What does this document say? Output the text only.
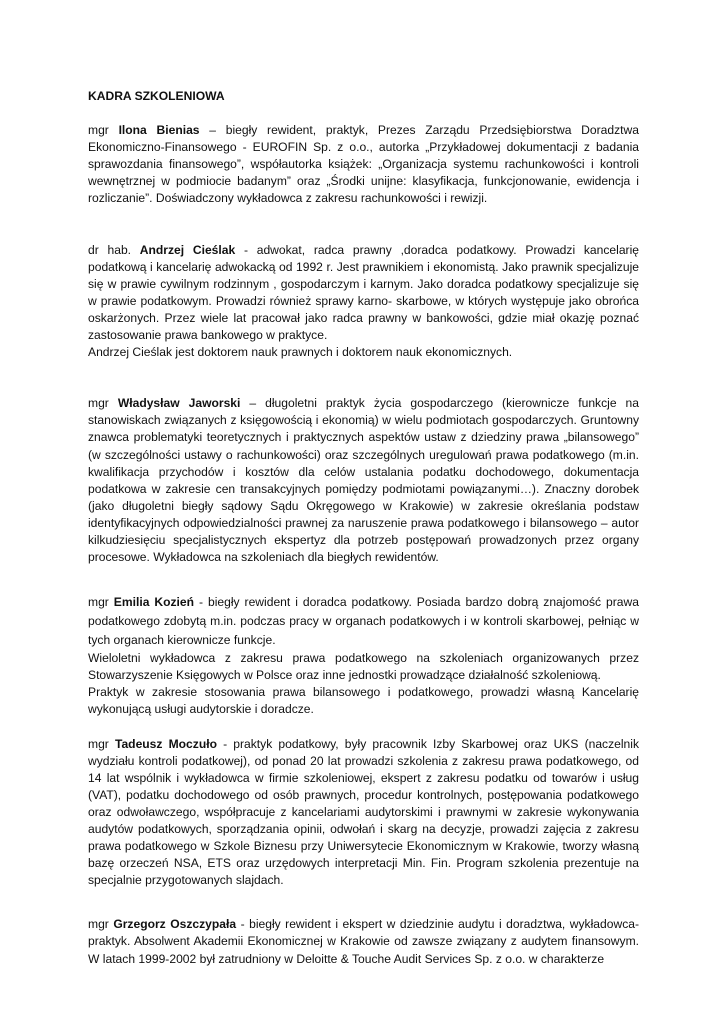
KADRA SZKOLENIOWA

mgr Ilona Bienias – biegły rewident, praktyk, Prezes Zarządu Przedsiębiorstwa Doradztwa Ekonomiczno-Finansowego - EUROFIN Sp. z o.o., autorka „Przykładowej dokumentacji z badania sprawozdania finansowego”, współautorka książek: „Organizacja systemu rachunkowości i kontroli wewnętrznej w podmiocie badanym” oraz „Środki unijne: klasyfikacja, funkcjonowanie, ewidencja i rozliczanie”. Doświadczony wykładowca z zakresu rachunkowości i rewizji.

dr hab. Andrzej Cieślak - adwokat, radca prawny ,doradca podatkowy. Prowadzi kancelarię podatkową i kancelarię adwokacką od 1992 r. Jest prawnikiem i ekonomistą. Jako prawnik specjalizuje się w prawie cywilnym rodzinnym , gospodarczym i karnym. Jako doradca podatkowy specjalizuje się w prawie podatkowym. Prowadzi również sprawy karno- skarbowe, w których występuje jako obrońca oskarżonych. Przez wiele lat pracował jako radca prawny w bankowości, gdzie miał okazję poznać zastosowanie prawa bankowego w praktyce.

Andrzej Cieślak jest doktorem nauk prawnych i doktorem nauk ekonomicznych.

mgr Władysław Jaworski – długoletni praktyk życia gospodarczego (kierownicze funkcje na stanowiskach związanych z księgowością i ekonomią) w wielu podmiotach gospodarczych. Gruntowny znawca problematyki teoretycznych i praktycznych aspektów ustaw z dziedziny prawa „bilansowego” (w szczególności ustawy o rachunkowości) oraz szczególnych uregulowań prawa podatkowego (m.in. kwalifikacja przychodów i kosztów dla celów ustalania podatku dochodowego, dokumentacja podatkowa w zakresie cen transakcyjnych pomiędzy podmiotami powiązanymi…). Znaczny dorobek (jako długoletni biegły sądowy Sądu Okręgowego w Krakowie) w zakresie określania podstaw identyfikacyjnych odpowiedzialności prawnej za naruszenie prawa podatkowego i bilansowego – autor kilkudziesięciu specjalistycznych ekspertyz dla potrzeb postępowań prowadzonych przez organy procesowe. Wykładowca na szkoleniach dla biegłych rewidentów.

mgr Emilia Kozień - biegły rewident i doradca podatkowy. Posiada bardzo dobrą znajomość prawa podatkowego zdobytą m.in. podczas pracy w organach podatkowych i w kontroli skarbowej, pełniąc w tych organach kierownicze funkcje.

Wieloletni wykładowca z zakresu prawa podatkowego na szkoleniach organizowanych przez Stowarzyszenie Księgowych w Polsce oraz inne jednostki prowadzące działalność szkoleniową.

Praktyk w zakresie stosowania prawa bilansowego i podatkowego, prowadzi własną Kancelarię wykonującą usługi audytorskie i doradcze.

mgr Tadeusz Moczuło - praktyk podatkowy, były pracownik Izby Skarbowej oraz UKS (naczelnik wydziału kontroli podatkowej), od ponad 20 lat prowadzi szkolenia z zakresu prawa podatkowego, od 14 lat wspólnik i wykładowca w firmie szkoleniowej, ekspert z zakresu podatku od towarów i usług (VAT), podatku dochodowego od osób prawnych, procedur kontrolnych, postępowania podatkowego oraz odwoławczego, współpracuje z kancelariami audytorskimi i prawnymi w zakresie wykonywania audytów podatkowych, sporządzania opinii, odwołań i skarg na decyzje, prowadzi zajęcia z zakresu prawa podatkowego w Szkole Biznesu przy Uniwersytecie Ekonomicznym w Krakowie, tworzy własną bazę orzeczeń NSA, ETS oraz urzędowych interpretacji Min. Fin. Program szkolenia prezentuje na specjalnie przygotowanych slajdach.

mgr Grzegorz Oszczypała - biegły rewident i ekspert w dziedzinie audytu i doradztwa, wykładowca- praktyk. Absolwent Akademii Ekonomicznej w Krakowie od zawsze związany z audytem finansowym. W latach 1999-2002 był zatrudniony w Deloitte & Touche Audit Services Sp. z o.o. w charakterze
